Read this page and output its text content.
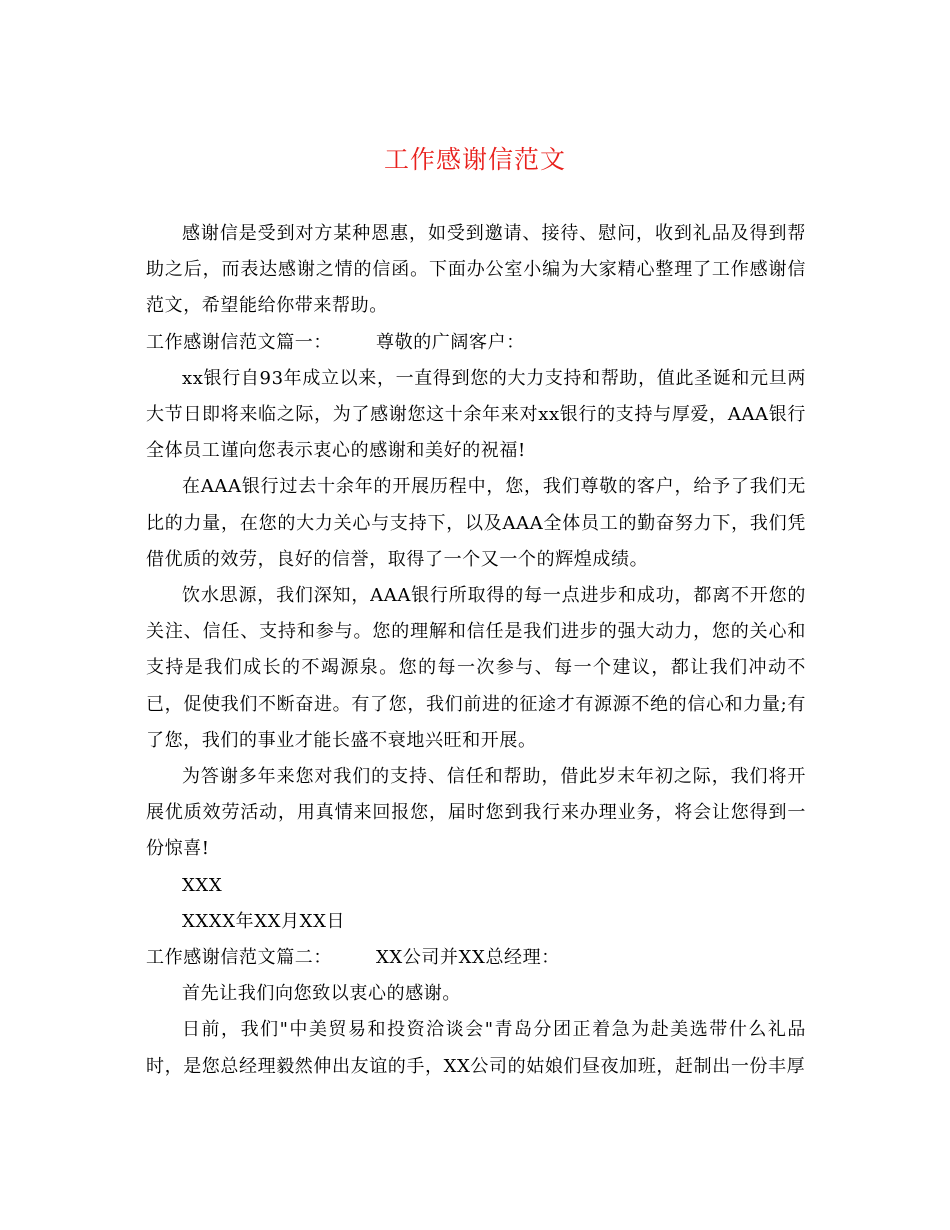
工作感谢信范文

感谢信是受到对方某种恩惠，如受到邀请、接待、慰问，收到礼品及得到帮助之后，而表达感谢之情的信函。下面办公室小编为大家精心整理了工作感谢信范文，希望能给你带来帮助。

工作感谢信范文篇一： 尊敬的广阔客户：

xx银行自93年成立以来，一直得到您的大力支持和帮助，值此圣诞和元旦两大节日即将来临之际，为了感谢您这十余年来对xx银行的支持与厚爱，AAA银行全体员工谨向您表示衷心的感谢和美好的祝福!

在AAA银行过去十余年的开展历程中，您，我们尊敬的客户，给予了我们无比的力量，在您的大力关心与支持下，以及AAA全体员工的勤奋努力下，我们凭借优质的效劳，良好的信誉，取得了一个又一个的辉煌成绩。

饮水思源，我们深知，AAA银行所取得的每一点进步和成功，都离不开您的关注、信任、支持和参与。您的理解和信任是我们进步的强大动力，您的关心和支持是我们成长的不竭源泉。您的每一次参与、每一个建议，都让我们冲动不已，促使我们不断奋进。有了您，我们前进的征途才有源源不绝的信心和力量;有了您，我们的事业才能长盛不衰地兴旺和开展。

为答谢多年来您对我们的支持、信任和帮助，借此岁末年初之际，我们将开展优质效劳活动，用真情来回报您，届时您到我行来办理业务，将会让您得到一份惊喜!

XXX

XXXX年XX月XX日

工作感谢信范文篇二： XX公司并XX总经理：

首先让我们向您致以衷心的感谢。

日前，我们"中美贸易和投资洽谈会"青岛分团正着急为赴美选带什么礼品时，是您总经理毅然伸出友谊的手，XX公司的姑娘们昼夜加班，赶制出一份丰厚
